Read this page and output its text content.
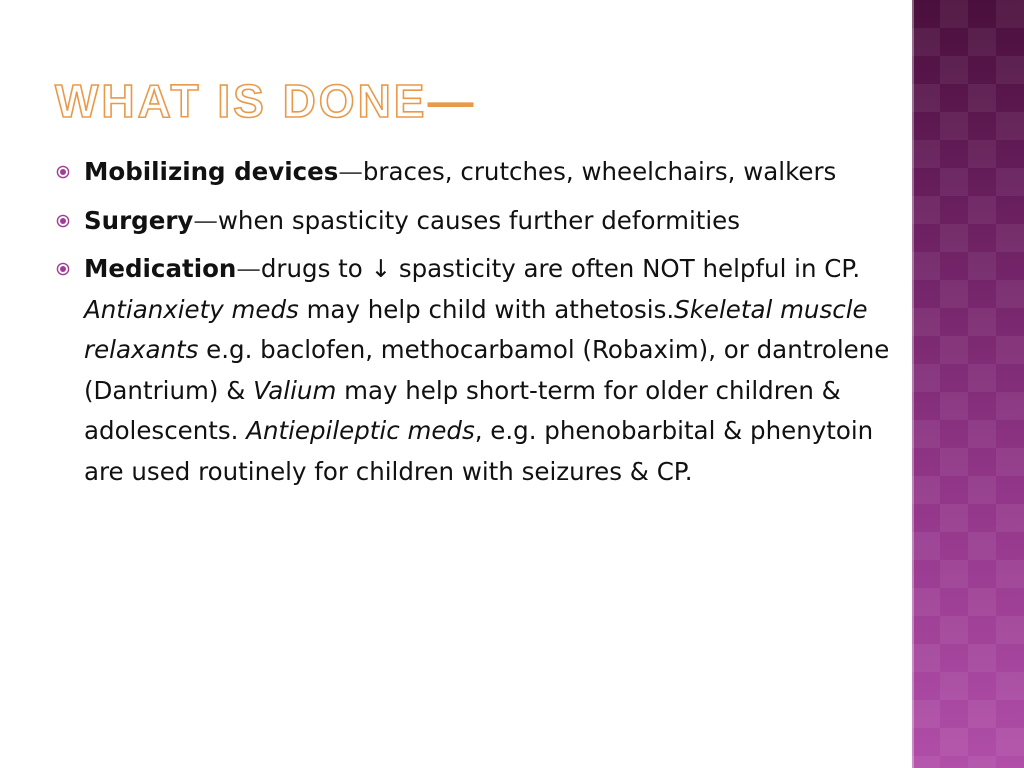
WHAT IS DONE—
Mobilizing devices—braces, crutches, wheelchairs, walkers
Surgery—when spasticity causes further deformities
Medication—drugs to ↓ spasticity are often NOT helpful in CP. Antianxiety meds may help child with athetosis.Skeletal muscle relaxants e.g. baclofen, methocarbamol (Robaxim), or dantrolene (Dantrium) & Valium may help short-term for older children & adolescents. Antiepileptic meds, e.g. phenobarbital & phenytoin are used routinely for children with seizures & CP.
